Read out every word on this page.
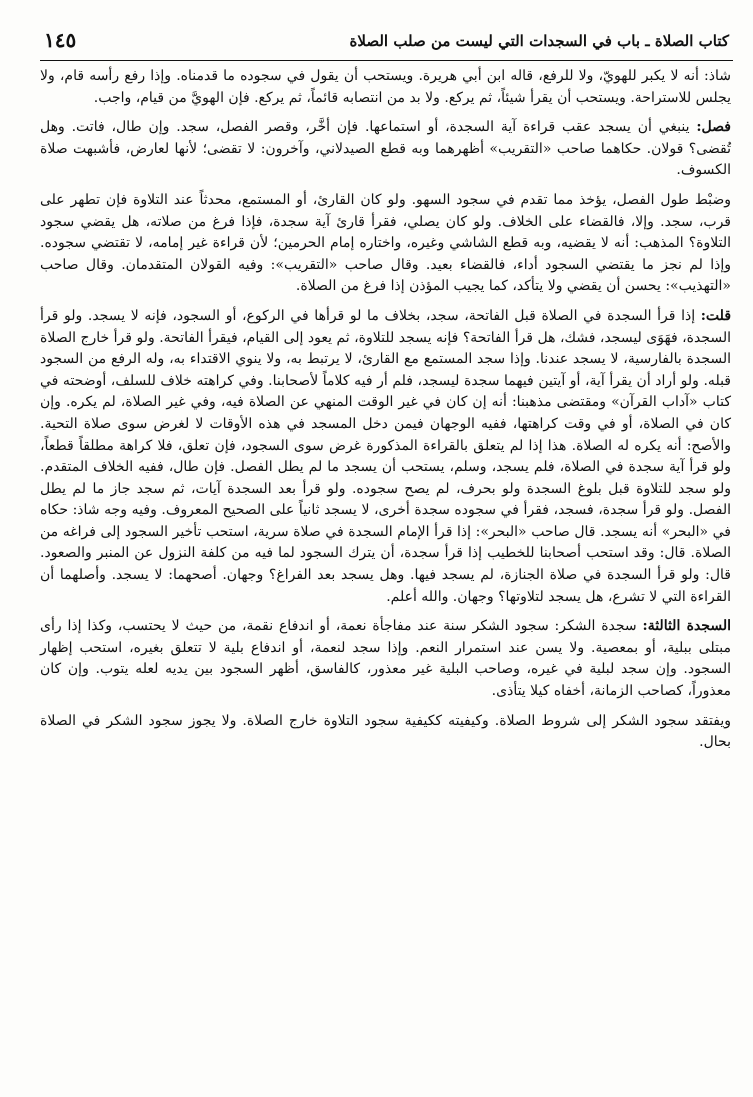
١٤٥	كتاب الصلاة ـ باب في السجدات التي ليست من صلب الصلاة

شاذ: أنه لا يكبر للهويّ، ولا للرفع، قاله ابن أبي هريرة. ويستحب أن يقول في سجوده ما قدمناه. وإذا رفع رأسه قام، ولا يجلس للاستراحة. ويستحب أن يقرأ شيئاً، ثم يركع. ولا بد من انتصابه قائماً، ثم يركع. فإن الهويَّ من قيام، واجب.

فصل: ينبغي أن يسجد عقب قراءة آية السجدة، أو استماعها. فإن أخَّر، وقصر الفصل، سجد. وإن طال، فاتت. وهل تُقضى؟ قولان. حكاهما صاحب «التقريب» أظهرهما وبه قطع الصيدلاني، وآخرون: لا تقضى؛ لأنها لعارض، فأشبهت صلاة الكسوف.

وضبْط طول الفصل، يؤخذ مما تقدم في سجود السهو. ولو كان القارئ، أو المستمع، محدثاً عند التلاوة فإن تطهر على قرب، سجد. وإلا، فالقضاء على الخلاف. ولو كان يصلي، فقرأ قارئ آية سجدة، فإذا فرغ من صلاته، هل يقضي سجود التلاوة؟ المذهب: أنه لا يقضيه، وبه قطع الشاشي وغيره، واختاره إمام الحرمين؛ لأن قراءة غير إمامه، لا تقتضي سجوده. وإذا لم نجز ما يقتضي السجود أداء، فالقضاء بعيد. وقال صاحب «التقريب»: وفيه القولان المتقدمان. وقال صاحب «التهذيب»: يحسن أن يقضي ولا يتأكد، كما يجيب المؤذن إذا فرغ من الصلاة.

قلت: إذا قرأ السجدة في الصلاة قبل الفاتحة، سجد، بخلاف ما لو قرأها في الركوع، أو السجود، فإنه لا يسجد. ولو قرأ السجدة، فهَوَى ليسجد، فشك، هل قرأ الفاتحة؟ فإنه يسجد للتلاوة، ثم يعود إلى القيام، فيقرأ الفاتحة. ولو قرأ خارج الصلاة السجدة بالفارسية، لا يسجد عندنا. وإذا سجد المستمع مع القارئ، لا يرتبط به، ولا ينوي الاقتداء به، وله الرفع من السجود قبله. ولو أراد أن يقرأ آية، أو آيتين فيهما سجدة ليسجد، فلم أر فيه كلاماً لأصحابنا. وفي كراهته خلاف للسلف، أوضحته في كتاب «آداب القرآن» ومقتضى مذهبنا: أنه إن كان في غير الوقت المنهي عن الصلاة فيه، وفي غير الصلاة، لم يكره. وإن كان في الصلاة، أو في وقت كراهتها، ففيه الوجهان فيمن دخل المسجد في هذه الأوقات لا لغرض سوى صلاة التحية. والأصح: أنه يكره له الصلاة. هذا إذا لم يتعلق بالقراءة المذكورة غرض سوى السجود، فإن تعلق، فلا كراهة مطلقاً قطعاً، ولو قرأ آية سجدة في الصلاة، فلم يسجد، وسلم، يستحب أن يسجد ما لم يطل الفصل. فإن طال، ففيه الخلاف المتقدم. ولو سجد للتلاوة قبل بلوغ السجدة ولو بحرف، لم يصح سجوده. ولو قرأ بعد السجدة آيات، ثم سجد جاز ما لم يطل الفصل. ولو قرأ سجدة، فسجد، فقرأ في سجوده سجدة أخرى، لا يسجد ثانياً على الصحيح المعروف. وفيه وجه شاذ: حكاه في «البحر» أنه يسجد. قال صاحب «البحر»: إذا قرأ الإمام السجدة في صلاة سرية، استحب تأخير السجود إلى فراغه من الصلاة. قال: وقد استحب أصحابنا للخطيب إذا قرأ سجدة، أن يترك السجود لما فيه من كلفة النزول عن المنبر والصعود. قال: ولو قرأ السجدة في صلاة الجنازة، لم يسجد فيها. وهل يسجد بعد الفراغ؟ وجهان. أصحهما: لا يسجد. وأصلهما أن القراءة التي لا تشرع، هل يسجد لتلاوتها؟ وجهان. والله أعلم.

السجدة الثالثة: سجدة الشكر: سجود الشكر سنة عند مفاجأة نعمة، أو اندفاع نقمة، من حيث لا يحتسب، وكذا إذا رأى مبتلى ببلية، أو بمعصية. ولا يسن عند استمرار النعم. وإذا سجد لنعمة، أو اندفاع بلية لا تتعلق بغيره، استحب إظهار السجود. وإن سجد لبلية في غيره، وصاحب البلية غير معذور، كالفاسق، أظهر السجود بين يديه لعله يتوب. وإن كان معذوراً، كصاحب الزمانة، أخفاه كيلا يتأذى.

ويفتقد سجود الشكر إلى شروط الصلاة. وكيفيته ككيفية سجود التلاوة خارج الصلاة. ولا يجوز سجود الشكر في الصلاة بحال.
